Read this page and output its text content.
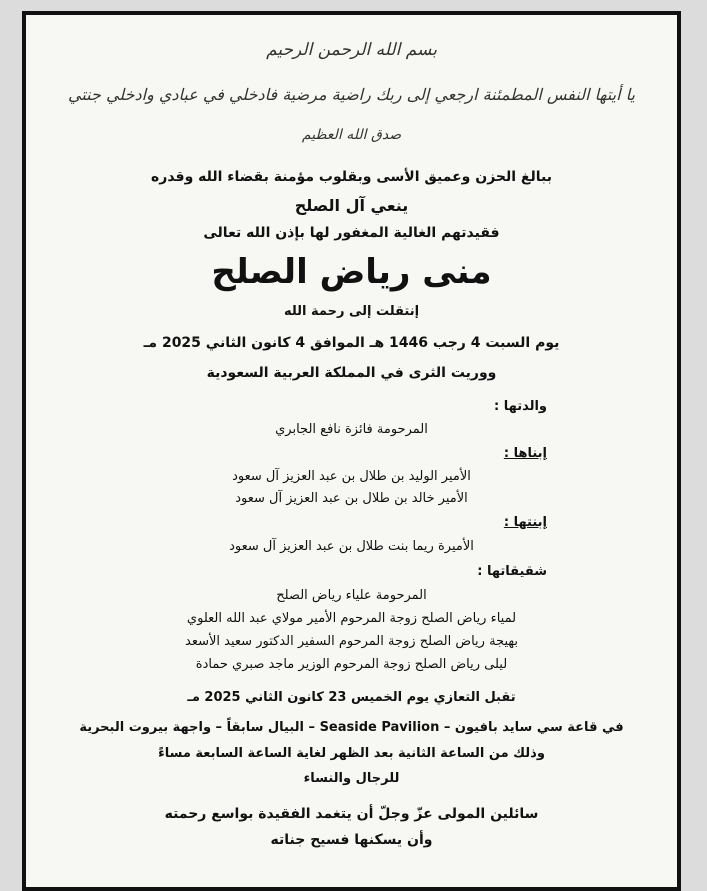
بسم الله الرحمن الرحيم
يا أيتها النفس المطمئنة ارجعي إلى ربك راضية مرضية فادخلي في عبادي وادخلي جنتي
صدق الله العظيم
ببالغ الحزن وعميق الأسى وبقلوب مؤمنة بقضاء الله وقدره
ينعي آل الصلح
فقيدتهم الغالية المغفور لها بإذن الله تعالى
منى رياض الصلح
إنتقلت إلى رحمة الله
يوم السبت 4 رجب 1446 هـ الموافق 4 كانون الثاني 2025 مـ
ووريت الثرى في المملكة العربية السعودية
والدتها :
المرحومة فائزة نافع الجابري
إبناها :
الأمير الوليد بن طلال بن عبد العزيز آل سعود
الأمير خالد بن طلال بن عبد العزيز آل سعود
إبنتها :
الأميرة ريما بنت طلال بن عبد العزيز آل سعود
شقيقاتها :
المرحومة علياء رياض الصلح
لمياء رياض الصلح زوجة المرحوم الأمير مولاي عبد الله العلوي
بهيجة رياض الصلح زوجة المرحوم السفير الدكتور سعيد الأسعد
ليلى رياض الصلح زوجة المرحوم الوزير ماجد صبري حمادة
تقبل التعازي يوم الخميس 23 كانون الثاني 2025 مـ
في قاعة سي سايد بافيون – Seaside Pavilion – البيال سابقاً – واجهة بيروت البحرية
وذلك من الساعة الثانية بعد الظهر لغاية الساعة السابعة مساءً
للرجال والنساء
سائلين المولى عزّ وجلّ أن يتغمد الفقيدة بواسع رحمته
وأن يسكنها فسيح جناته
